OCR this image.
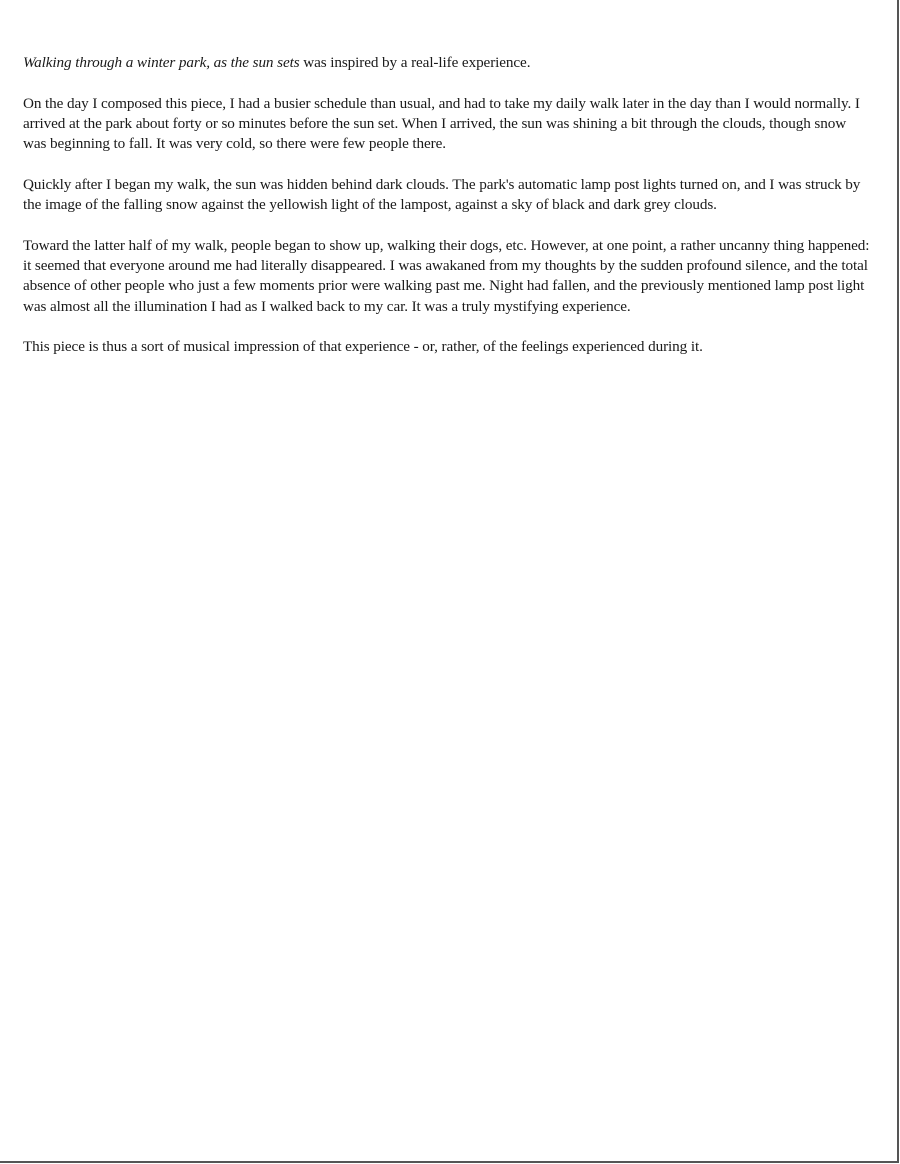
Walking through a winter park, as the sun sets was inspired by a real-life experience.

On the day I composed this piece, I had a busier schedule than usual, and had to take my daily walk later in the day than I would normally. I arrived at the park about forty or so minutes before the sun set. When I arrived, the sun was shining a bit through the clouds, though snow was beginning to fall. It was very cold, so there were few people there.

Quickly after I began my walk, the sun was hidden behind dark clouds. The park's automatic lamp post lights turned on, and I was struck by the image of the falling snow against the yellowish light of the lampost, against a sky of black and dark grey clouds.

Toward the latter half of my walk, people began to show up, walking their dogs, etc. However, at one point, a rather uncanny thing happened: it seemed that everyone around me had literally disappeared. I was awakaned from my thoughts by the sudden profound silence, and the total absence of other people who just a few moments prior were walking past me. Night had fallen, and the previously mentioned lamp post light was almost all the illumination I had as I walked back to my car. It was a truly mystifying experience.

This piece is thus a sort of musical impression of that experience - or, rather, of the feelings experienced during it.
